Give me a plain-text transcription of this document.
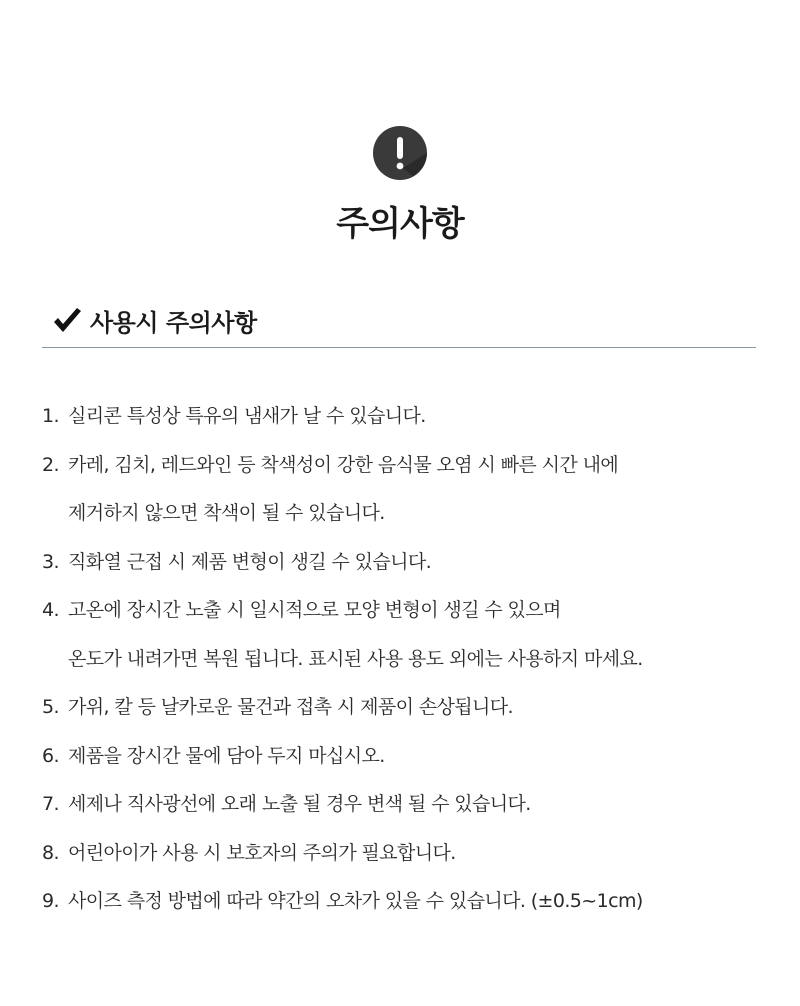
주의사항
사용시 주의사항
1. 실리콘 특성상 특유의 냄새가 날 수 있습니다.
2. 카레, 김치, 레드와인 등 착색성이 강한 음식물 오염 시 빠른 시간 내에
제거하지 않으면 착색이 될 수 있습니다.
3. 직화열 근접 시 제품 변형이 생길 수 있습니다.
4. 고온에 장시간 노출 시 일시적으로 모양 변형이 생길 수 있으며
온도가 내려가면 복원 됩니다. 표시된 사용 용도 외에는 사용하지 마세요.
5. 가위, 칼 등 날카로운 물건과 접촉 시 제품이 손상됩니다.
6. 제품을 장시간 물에 담아 두지 마십시오.
7. 세제나 직사광선에 오래 노출 될 경우 변색 될 수 있습니다.
8. 어린아이가 사용 시 보호자의 주의가 필요합니다.
9. 사이즈 측정 방법에 따라 약간의 오차가 있을 수 있습니다. (±0.5~1cm)
